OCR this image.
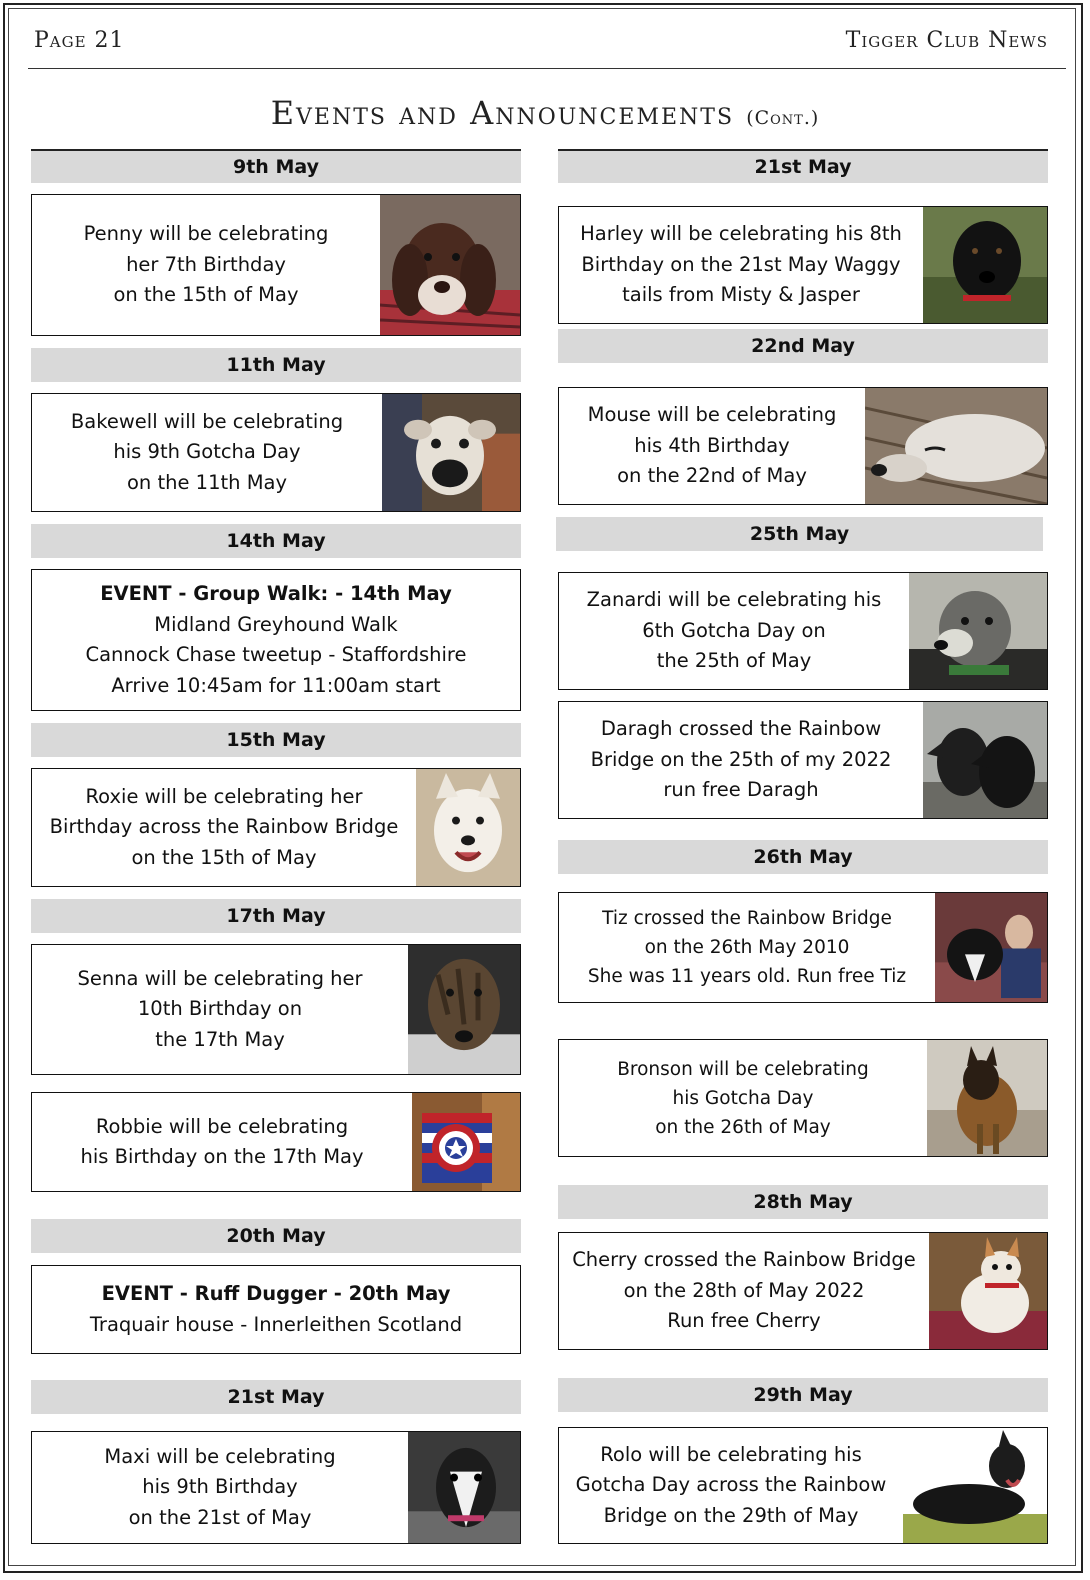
Page 21	Tigger Club News
Events and Announcements (Cont.)
9th May
Penny will be celebrating
her 7th Birthday
on the 15th of May
11th May
Bakewell will be celebrating
his 9th Gotcha Day
on the 11th May
14th May
EVENT - Group Walk: - 14th May
Midland Greyhound Walk
Cannock Chase tweetup - Staffordshire
Arrive 10:45am for 11:00am start
15th May
Roxie will be celebrating her
Birthday across the Rainbow Bridge
on the 15th of May
17th May
Senna will be celebrating her
10th Birthday on
the 17th May
Robbie will be celebrating
his Birthday on the 17th May
20th May
EVENT - Ruff Dugger - 20th May
Traquair house - Innerleithen Scotland
21st May
Maxi will be celebrating
his 9th Birthday
on the 21st of May
21st May
Harley will be celebrating his 8th
Birthday on the 21st May Waggy
tails from Misty & Jasper
22nd May
Mouse will be celebrating
his 4th Birthday
on the 22nd of May
25th May
Zanardi will be celebrating his
6th Gotcha Day on
the 25th of May
Daragh crossed the Rainbow
Bridge on the 25th of my 2022
run free Daragh
26th May
Tiz crossed the Rainbow Bridge
on the 26th May 2010
She was 11 years old. Run free Tiz
Bronson will be celebrating
his Gotcha Day
on the 26th of May
28th May
Cherry crossed the Rainbow Bridge
on the 28th of May 2022
Run free Cherry
29th May
Rolo will be celebrating his
Gotcha Day across the Rainbow
Bridge on the 29th of May
